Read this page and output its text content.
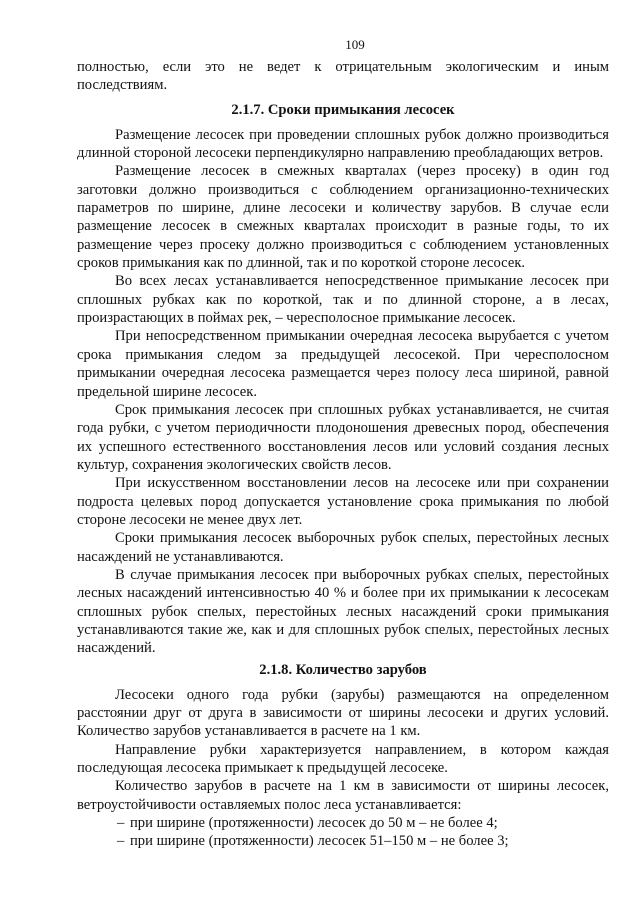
109

полностью, если это не ведет к отрицательным экологическим и иным последствиям.

2.1.7. Сроки примыкания лесосек

Размещение лесосек при проведении сплошных рубок должно производиться длинной стороной лесосеки перпендикулярно направлению преобладающих ветров.

Размещение лесосек в смежных кварталах (через просеку) в один год заготовки должно производиться с соблюдением организационно-технических параметров по ширине, длине лесосеки и количеству зарубов. В случае если размещение лесосек в смежных кварталах происходит в разные годы, то их размещение через просеку должно производиться с соблюдением установленных сроков примыкания как по длинной, так и по короткой стороне лесосек.

Во всех лесах устанавливается непосредственное примыкание лесосек при сплошных рубках как по короткой, так и по длинной стороне, а в лесах, произрастающих в поймах рек, – чересполосное примыкание лесосек.

При непосредственном примыкании очередная лесосека вырубается с учетом срока примыкания следом за предыдущей лесосекой. При чересполосном примыкании очередная лесосека размещается через полосу леса шириной, равной предельной ширине лесосек.

Срок примыкания лесосек при сплошных рубках устанавливается, не считая года рубки, с учетом периодичности плодоношения древесных пород, обеспечения их успешного естественного восстановления лесов или условий создания лесных культур, сохранения экологических свойств лесов.

При искусственном восстановлении лесов на лесосеке или при сохранении подроста целевых пород допускается установление срока примыкания по любой стороне лесосеки не менее двух лет.

Сроки примыкания лесосек выборочных рубок спелых, перестойных лесных насаждений не устанавливаются.

В случае примыкания лесосек при выборочных рубках спелых, перестойных лесных насаждений интенсивностью 40 % и более при их примыкании к лесосекам сплошных рубок спелых, перестойных лесных насаждений сроки примыкания устанавливаются такие же, как и для сплошных рубок спелых, перестойных лесных насаждений.

2.1.8. Количество зарубов

Лесосеки одного года рубки (зарубы) размещаются на определенном расстоянии друг от друга в зависимости от ширины лесосеки и других условий. Количество зарубов устанавливается в расчете на 1 км.

Направление рубки характеризуется направлением, в котором каждая последующая лесосека примыкает к предыдущей лесосеке.

Количество зарубов в расчете на 1 км в зависимости от ширины лесосек, ветроустойчивости оставляемых полос леса устанавливается:

– при ширине (протяженности) лесосек до 50 м – не более 4;
– при ширине (протяженности) лесосек 51–150 м – не более 3;
